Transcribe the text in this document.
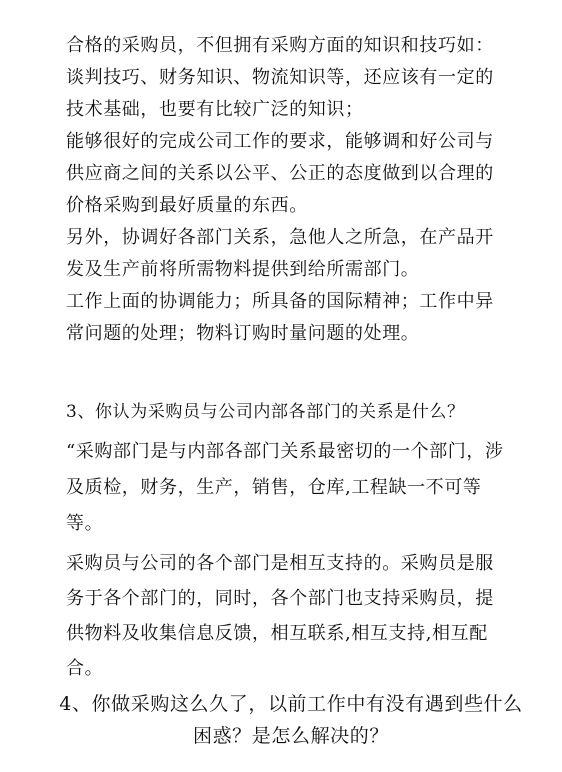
合格的采购员，不但拥有采购方面的知识和技巧如：谈判技巧、财务知识、物流知识等，还应该有一定的技术基础，也要有比较广泛的知识；

能够很好的完成公司工作的要求，能够调和好公司与供应商之间的关系以公平、公正的态度做到以合理的价格采购到最好质量的东西。

另外，协调好各部门关系，急他人之所急，在产品开发及生产前将所需物料提供到给所需部门。

工作上面的协调能力；所具备的国际精神；工作中异常问题的处理；物料订购时量问题的处理。

3、你认为采购员与公司内部各部门的关系是什么？

“采购部门是与内部各部门关系最密切的一个部门，涉及质检，财务，生产，销售，仓库,工程缺一不可等等。

采购员与公司的各个部门是相互支持的。采购员是服务于各个部门的，同时，各个部门也支持采购员，提供物料及收集信息反馈，相互联系,相互支持,相互配合。

4、你做采购这么久了，以前工作中有没有遇到些什么困惑？是怎么解决的？
